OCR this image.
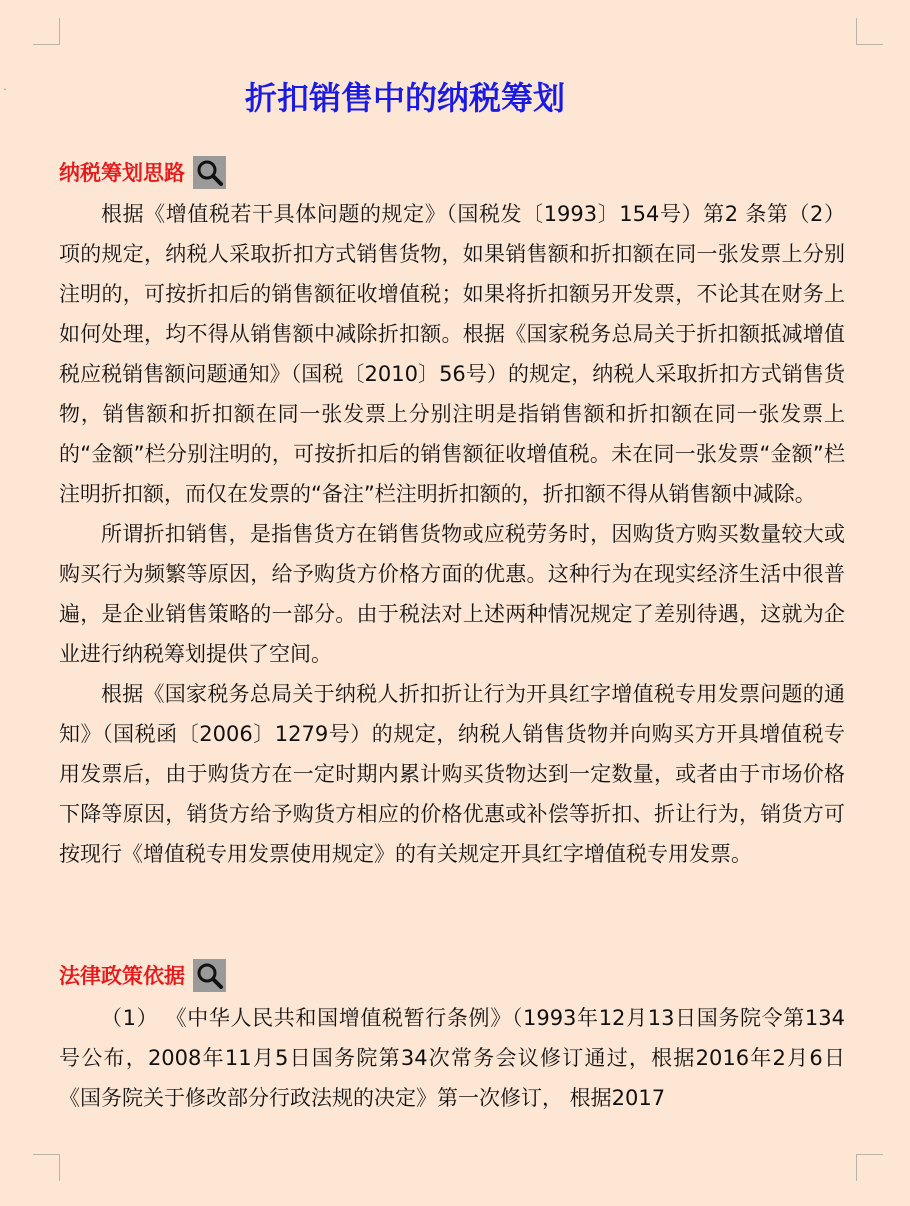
ˇ	折扣销售中的纳税筹划
纳税筹划思路

根据《增值税若干具体问题的规定》（国税发〔1993〕154号）第2 条第（2）项的规定，纳税人采取折扣方式销售货物，如果销售额和折扣额在同一张发票上分别注明的，可按折扣后的销售额征收增值税；如果将折扣额另开发票，不论其在财务上如何处理，均不得从销售额中减除折扣额。根据《国家税务总局关于折扣额抵减增值税应税销售额问题通知》（国税〔2010〕56号）的规定，纳税人采取折扣方式销售货 物，销售额和折扣额在同一张发票上分别注明是指销售额和折扣额在同一张发票上的“金额”栏分别注明的，可按折扣后的销售额征收增值税。未在同一张发票“金额”栏注明折扣额，而仅在发票的“备注”栏注明折扣额的，折扣额不得从销售额中减除。

所谓折扣销售，是指售货方在销售货物或应税劳务时，因购货方购买数量较大或购买行为频繁等原因，给予购货方价格方面的优惠。这种行为在现实经济生活中很普遍，是企业销售策略的一部分。由于税法对上述两种情况规定了差别待遇，这就为企业进行纳税筹划提供了空间。

根据《国家税务总局关于纳税人折扣折让行为开具红字增值税专用发票问题的通知》（国税函〔2006〕1279号）的规定，纳税人销售货物并向购买方开具增值税专用发票后，由于购货方在一定时期内累计购买货物达到一定数量，或者由于市场价格下降等原因，销货方给予购货方相应的价格优惠或补偿等折扣、折让行为，销货方可按现行《增值税专用发票使用规定》的有关规定开具红字增值税专用发票。

法律政策依据

（1） 《中华人民共和国增值税暂行条例》（1993年12月13日国务院令第134号公布，2008年11月5日国务院第34次常务会议修订通过，根据2016年2月6日《国务院关于修改部分行政法规的决定》第一次修订， 根据2017
